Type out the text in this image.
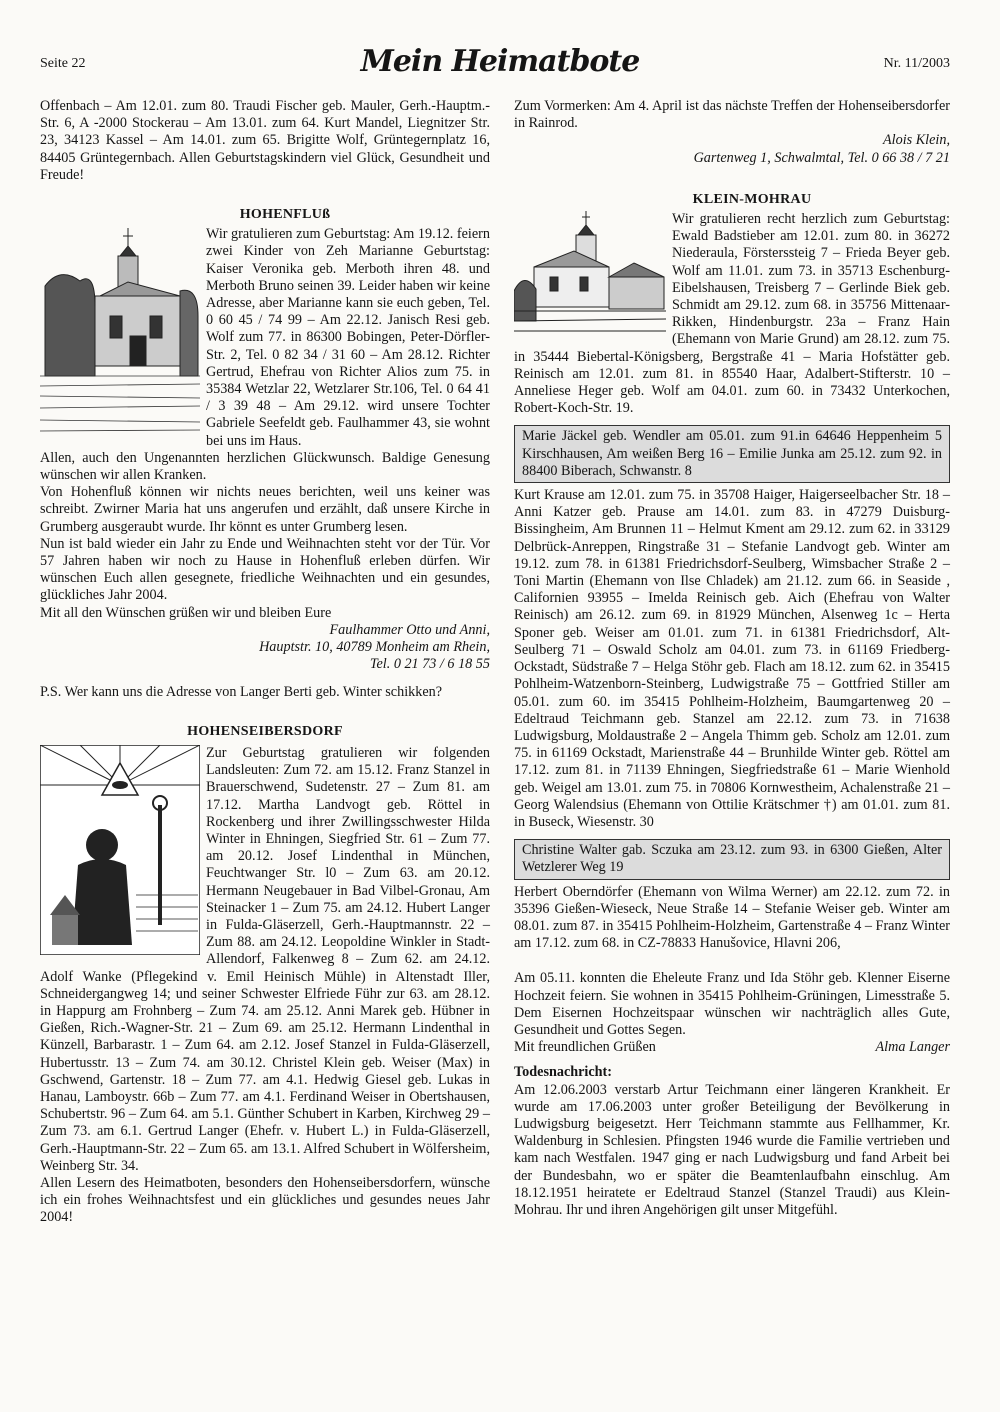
Seite 22	Mein Heimatbote	Nr. 11/2003

Offenbach – Am 12.01. zum 80. Traudi Fischer geb. Mauler, Gerh.-Hauptm.-Str. 6, A -2000 Stockerau – Am 13.01. zum 64. Kurt Mandel, Liegnitzer Str. 23, 34123 Kassel – Am 14.01. zum 65. Brigitte Wolf, Grüntegernplatz 16, 84405 Grüntegernbach. Allen Geburtstagskindern viel Glück, Gesundheit und Freude!

HOHENFLUß

Wir gratulieren zum Geburtstag: Am 19.12. feiern zwei Kinder von Zeh Marianne Geburtstag: Kaiser Veronika geb. Merboth ihren 48. und Merboth Bruno seinen 39. Leider haben wir keine Adresse, aber Marianne kann sie euch geben, Tel. 0 60 45 / 74 99 – Am 22.12. Janisch Resi geb. Wolf zum 77. in 86300 Bobingen, Peter-Dörfler-Str. 2, Tel. 0 82 34 / 31 60 – Am 28.12. Richter Gertrud, Ehefrau von Richter Alios zum 75. in 35384 Wetzlar 22, Wetzlarer Str.106, Tel. 0 64 41 / 3 39 48 – Am 29.12. wird unsere Tochter Gabriele Seefeldt geb. Faulhammer 43, sie wohnt bei uns im Haus.

Allen, auch den Ungenannten herzlichen Glückwunsch. Baldige Genesung wünschen wir allen Kranken.

Von Hohenfluß können wir nichts neues berichten, weil uns keiner was schreibt. Zwirner Maria hat uns angerufen und erzählt, daß unsere Kirche in Grumberg ausgeraubt wurde. Ihr könnt es unter Grumberg lesen.

Nun ist bald wieder ein Jahr zu Ende und Weihnachten steht vor der Tür. Vor 57 Jahren haben wir noch zu Hause in Hohenfluß erleben dürfen. Wir wünschen Euch allen gesegnete, friedliche Weihnachten und ein gesundes, glückliches Jahr 2004.

Mit all den Wünschen grüßen wir und bleiben Eure

Faulhammer Otto und Anni,

Hauptstr. 10, 40789 Monheim am Rhein,

Tel. 0 21 73 / 6 18 55

P.S. Wer kann uns die Adresse von Langer Berti geb. Winter schikken?

HOHENSEIBERSDORF

Zur Geburtstag gratulieren wir folgenden Landsleuten: Zum 72. am 15.12. Franz Stanzel in Brauerschwend, Sudetenstr. 27 – Zum 81. am 17.12. Martha Landvogt geb. Röttel in Rockenberg und ihrer Zwillingsschwester Hilda Winter in Ehningen, Siegfried Str. 61 – Zum 77. am 20.12. Josef Lindenthal in München, Feuchtwanger Str. l0 – Zum 63. am 20.12. Hermann Neugebauer in Bad Vilbel-Gronau, Am Steinacker 1 – Zum 75. am 24.12. Hubert Langer in Fulda-Gläserzell, Gerh.-Hauptmannstr. 22 – Zum 88. am 24.12. Leopoldine Winkler in Stadt-Allendorf, Falkenweg 8 – Zum 62. am 24.12. Adolf Wanke (Pflegekind v. Emil Heinisch Mühle) in Altenstadt Iller, Schneidergangweg 14; und seiner Schwester Elfriede Führ zur 63. am 28.12. in Happurg am Frohnberg – Zum 74. am 25.12. Anni Marek geb. Hübner in Gießen, Rich.-Wagner-Str. 21 – Zum 69. am 25.12. Hermann Lindenthal in Künzell, Barbarastr. 1 – Zum 64. am 2.12. Josef Stanzel in Fulda-Gläserzell, Hubertusstr. 13 – Zum 74. am 30.12. Christel Klein geb. Weiser (Max) in Gschwend, Gartenstr. 18 – Zum 77. am 4.1. Hedwig Giesel geb. Lukas in Hanau, Lamboystr. 66b – Zum 77. am 4.1. Ferdinand Weiser in Obertshausen, Schubertstr. 96 – Zum 64. am 5.1. Günther Schubert in Karben, Kirchweg 29 – Zum 73. am 6.1. Gertrud Langer (Ehefr. v. Hubert L.) in Fulda-Gläserzell, Gerh.-Hauptmann-Str. 22 – Zum 65. am 13.1. Alfred Schubert in Wölfersheim, Weinberg Str. 34.

Allen Lesern des Heimatboten, besonders den Hohenseibersdorfern, wünsche ich ein frohes Weihnachtsfest und ein glückliches und gesundes neues Jahr 2004!

Zum Vormerken: Am 4. April ist das nächste Treffen der Hohenseibersdorfer in Rainrod.

Alois Klein,

Gartenweg 1, Schwalmtal, Tel. 0 66 38 / 7 21

KLEIN-MOHRAU

Wir gratulieren recht herzlich zum Geburtstag: Ewald Badstieber am 12.01. zum 80. in 36272 Niederaula, Försterssteig 7 – Frieda Beyer geb. Wolf am 11.01. zum 73. in 35713 Eschenburg-Eibelshausen, Treisberg 7 – Gerlinde Biek geb. Schmidt am 29.12. zum 68. in 35756 Mittenaar-Rikken, Hindenburgstr. 23a – Franz Hain (Ehemann von Marie Grund) am 28.12. zum 75. in 35444 Biebertal-Königsberg, Bergstraße 41 – Maria Hofstätter geb. Reinisch am 12.01. zum 81. in 85540 Haar, Adalbert-Stifterstr. 10 – Anneliese Heger geb. Wolf am 04.01. zum 60. in 73432 Unterkochen, Robert-Koch-Str. 19.

Marie Jäckel geb. Wendler am 05.01. zum 91.in 64646 Heppenheim 5 Kirschhausen, Am weißen Berg 16 – Emilie Junka am 25.12. zum 92. in 88400 Biberach, Schwanstr. 8

Kurt Krause am 12.01. zum 75. in 35708 Haiger, Haigerseelbacher Str. 18 – Anni Katzer geb. Prause am 14.01. zum 83. in 47279 Duisburg-Bissingheim, Am Brunnen 11 – Helmut Kment am 29.12. zum 62. in 33129 Delbrück-Anreppen, Ringstraße 31 – Stefanie Landvogt geb. Winter am 19.12. zum 78. in 61381 Friedrichsdorf-Seulberg, Wimsbacher Straße 2 – Toni Martin (Ehemann von Ilse Chladek) am 21.12. zum 66. in Seaside , Californien 93955 – Imelda Reinisch geb. Aich (Ehefrau von Walter Reinisch) am 26.12. zum 69. in 81929 München, Alsenweg 1c – Herta Sponer geb. Weiser am 01.01. zum 71. in 61381 Friedrichsdorf, Alt-Seulberg 71 – Oswald Scholz am 04.01. zum 73. in 61169 Friedberg-Ockstadt, Südstraße 7 – Helga Stöhr geb. Flach am 18.12. zum 62. in 35415 Pohlheim-Watzenborn-Steinberg, Ludwigstraße 75 – Gottfried Stiller am 05.01. zum 60. im 35415 Pohlheim-Holzheim, Baumgartenweg 20 – Edeltraud Teichmann geb. Stanzel am 22.12. zum 73. in 71638 Ludwigsburg, Moldaustraße 2 – Angela Thimm geb. Scholz am 12.01. zum 75. in 61169 Ockstadt, Marienstraße 44 – Brunhilde Winter geb. Röttel am 17.12. zum 81. in 71139 Ehningen, Siegfriedstraße 61 – Marie Wienhold geb. Weigel am 13.01. zum 75. in 70806 Kornwestheim, Achalenstraße 21 – Georg Walendsius (Ehemann von Ottilie Krätschmer †) am 01.01. zum 81. in Buseck, Wiesenstr. 30

Christine Walter gab. Sczuka am 23.12. zum 93. in 6300 Gießen, Alter Wetzlerer Weg 19

Herbert Oberndörfer (Ehemann von Wilma Werner) am 22.12. zum 72. in 35396 Gießen-Wieseck, Neue Straße 14 – Stefanie Weiser geb. Winter am 08.01. zum 87. in 35415 Pohlheim-Holzheim, Gartenstraße 4 – Franz Winter am 17.12. zum 68. in CZ-78833 Hanušovice, Hlavni 206,

Am 05.11. konnten die Eheleute Franz und Ida Stöhr geb. Klenner Eiserne Hochzeit feiern. Sie wohnen in 35415 Pohlheim-Grüningen, Limesstraße 5. Dem Eisernen Hochzeitspaar wünschen wir nachträglich alles Gute, Gesundheit und Gottes Segen.

Mit freundlichen Grüßen	Alma Langer
Todesnachricht:

Am 12.06.2003 verstarb Artur Teichmann einer längeren Krankheit. Er wurde am 17.06.2003 unter großer Beteiligung der Bevölkerung in Ludwigsburg beigesetzt. Herr Teichmann stammte aus Fellhammer, Kr. Waldenburg in Schlesien. Pfingsten 1946 wurde die Familie vertrieben und kam nach Westfalen. 1947 ging er nach Ludwigsburg und fand Arbeit bei der Bundesbahn, wo er später die Beamtenlaufbahn einschlug. Am 18.12.1951 heiratete er Edeltraud Stanzel (Stanzel Traudi) aus Klein-Mohrau. Ihr und ihren Angehörigen gilt unser Mitgefühl.
